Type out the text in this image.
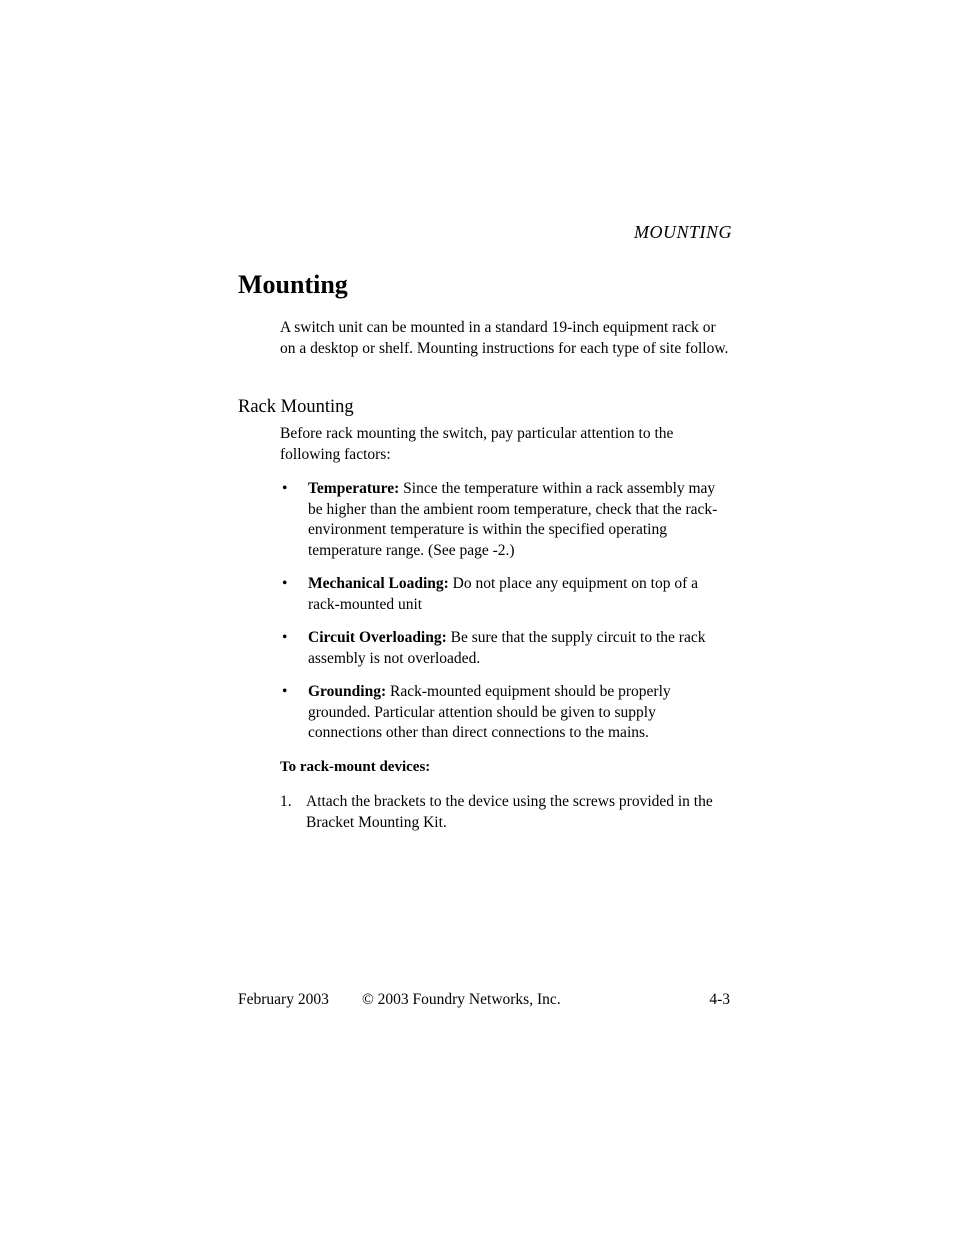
MOUNTING
Mounting

A switch unit can be mounted in a standard 19-inch equipment rack or on a desktop or shelf. Mounting instructions for each type of site follow.

Rack Mounting

Before rack mounting the switch, pay particular attention to the following factors:

• Temperature: Since the temperature within a rack assembly may be higher than the ambient room temperature, check that the rack-environment temperature is within the specified operating temperature range. (See page -2.)
• Mechanical Loading: Do not place any equipment on top of a rack-mounted unit
• Circuit Overloading: Be sure that the supply circuit to the rack assembly is not overloaded.
• Grounding: Rack-mounted equipment should be properly grounded. Particular attention should be given to supply connections other than direct connections to the mains.

To rack-mount devices:

1. Attach the brackets to the device using the screws provided in the Bracket Mounting Kit.
February 2003 © 2003 Foundry Networks, Inc.	4-3
